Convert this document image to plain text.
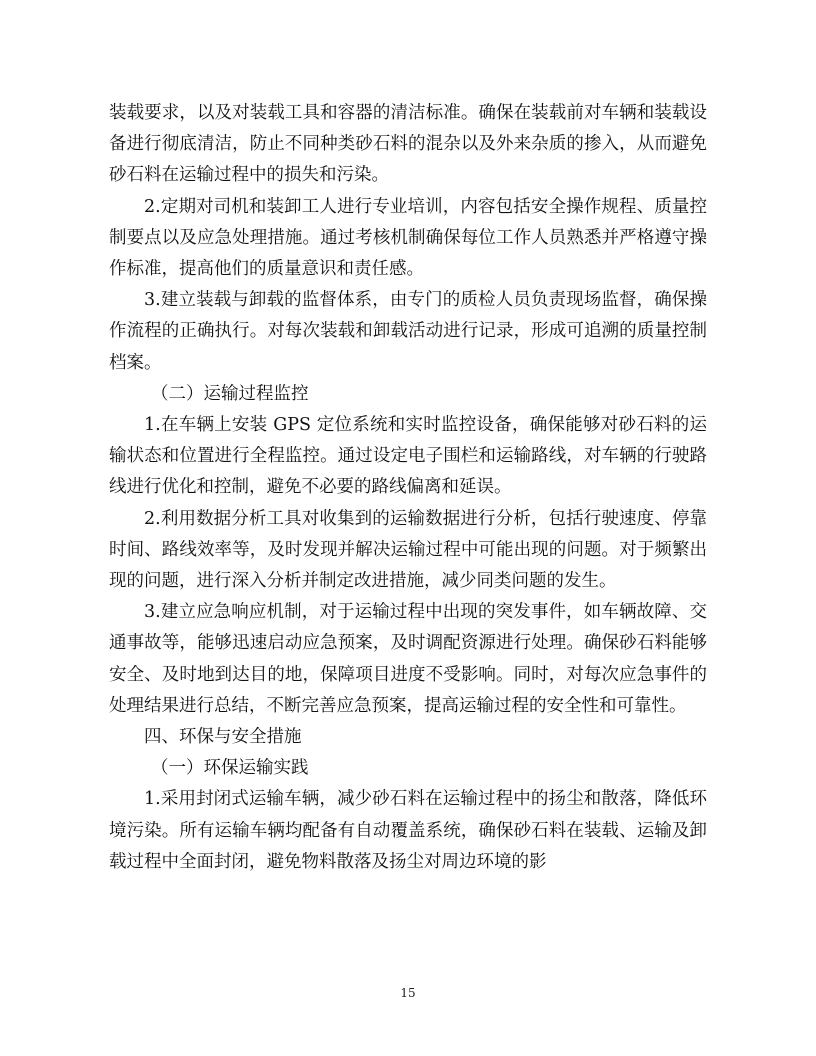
装载要求，以及对装载工具和容器的清洁标准。确保在装载前对车辆和装载设备进行彻底清洁，防止不同种类砂石料的混杂以及外来杂质的掺入，从而避免砂石料在运输过程中的损失和污染。

2.定期对司机和装卸工人进行专业培训，内容包括安全操作规程、质量控制要点以及应急处理措施。通过考核机制确保每位工作人员熟悉并严格遵守操作标准，提高他们的质量意识和责任感。

3.建立装载与卸载的监督体系，由专门的质检人员负责现场监督，确保操作流程的正确执行。对每次装载和卸载活动进行记录，形成可追溯的质量控制档案。

（二）运输过程监控

1.在车辆上安装 GPS 定位系统和实时监控设备，确保能够对砂石料的运输状态和位置进行全程监控。通过设定电子围栏和运输路线，对车辆的行驶路线进行优化和控制，避免不必要的路线偏离和延误。

2.利用数据分析工具对收集到的运输数据进行分析，包括行驶速度、停靠时间、路线效率等，及时发现并解决运输过程中可能出现的问题。对于频繁出现的问题，进行深入分析并制定改进措施，减少同类问题的发生。

3.建立应急响应机制，对于运输过程中出现的突发事件，如车辆故障、交通事故等，能够迅速启动应急预案，及时调配资源进行处理。确保砂石料能够安全、及时地到达目的地，保障项目进度不受影响。同时，对每次应急事件的处理结果进行总结，不断完善应急预案，提高运输过程的安全性和可靠性。

四、环保与安全措施

（一）环保运输实践

1.采用封闭式运输车辆，减少砂石料在运输过程中的扬尘和散落，降低环境污染。所有运输车辆均配备有自动覆盖系统，确保砂石料在装载、运输及卸载过程中全面封闭，避免物料散落及扬尘对周边环境的影

15
